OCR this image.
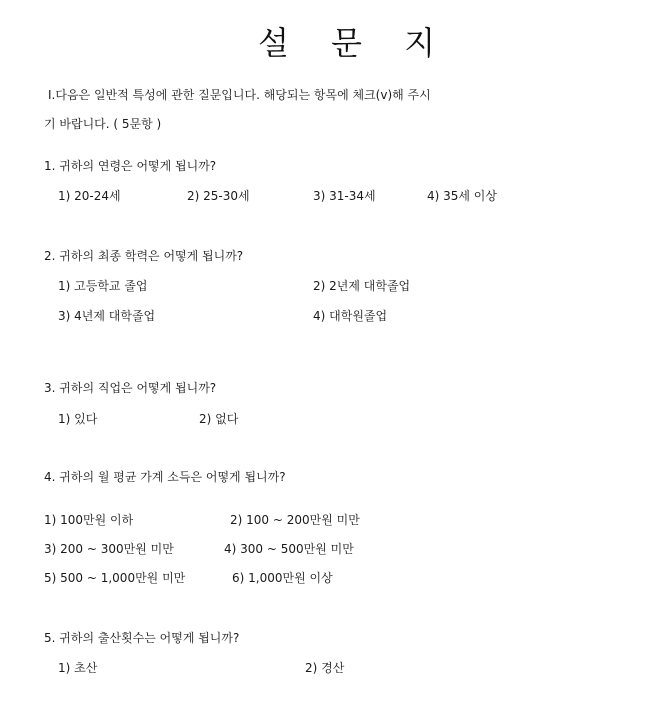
설 문 지
Ⅰ.다음은 일반적 특성에 관한 질문입니다. 해당되는 항목에 체크(v)해 주시
기 바랍니다. ( 5문항 )
1. 귀하의 연령은 어떻게 됩니까?
1) 20-24세	2) 25-30세	3) 31-34세	4) 35세 이상
2. 귀하의 최종 학력은 어떻게 됩니까?
1) 고등학교 졸업	2) 2년제 대학졸업
3) 4년제 대학졸업	4) 대학원졸업
3. 귀하의 직업은 어떻게 됩니까?
1) 있다	2) 없다
4. 귀하의 월 평균 가계 소득은 어떻게 됩니까?
1) 100만원 이하	2) 100 ~ 200만원 미만
3) 200 ~ 300만원 미만	4) 300 ~ 500만원 미만
5) 500 ~ 1,000만원 미만	6) 1,000만원 이상
5. 귀하의 출산횟수는 어떻게 됩니까?
1) 초산	2) 경산
